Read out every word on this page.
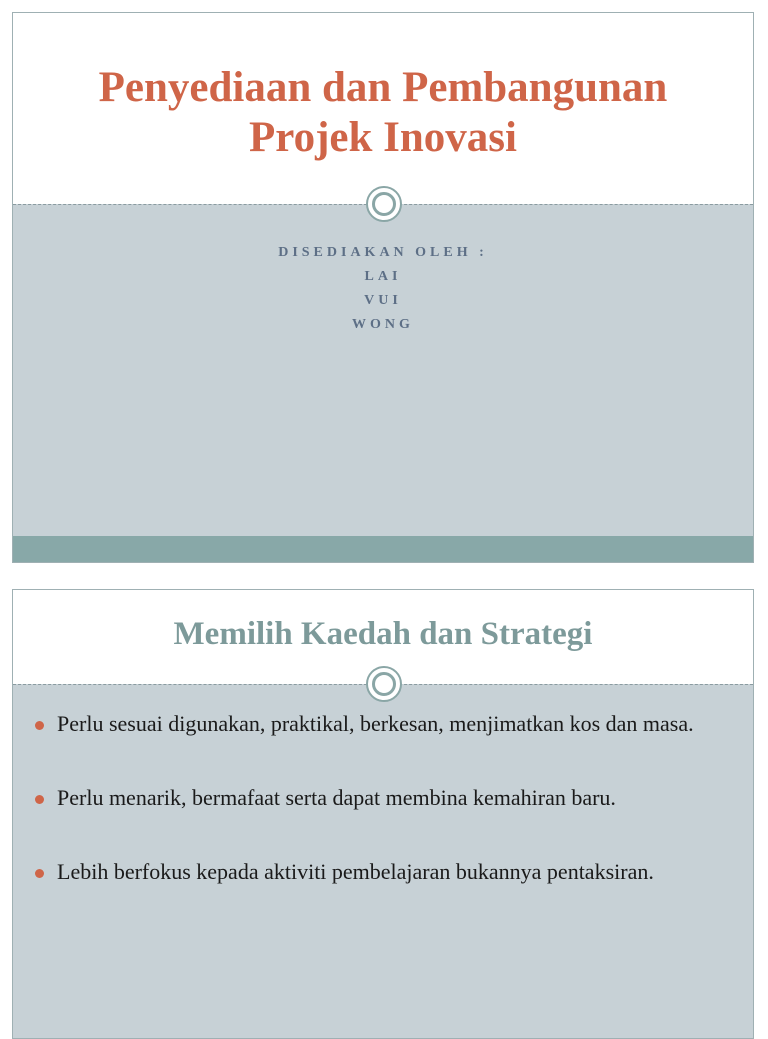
Penyediaan dan Pembangunan
Projek Inovasi
DISEDIAKAN OLEH :
LAI
VUI
WONG
Memilih Kaedah dan Strategi
Perlu sesuai digunakan, praktikal, berkesan, menjimatkan kos dan masa.
Perlu menarik, bermafaat serta dapat membina kemahiran baru.
Lebih berfokus kepada aktiviti pembelajaran bukannya pentaksiran.
